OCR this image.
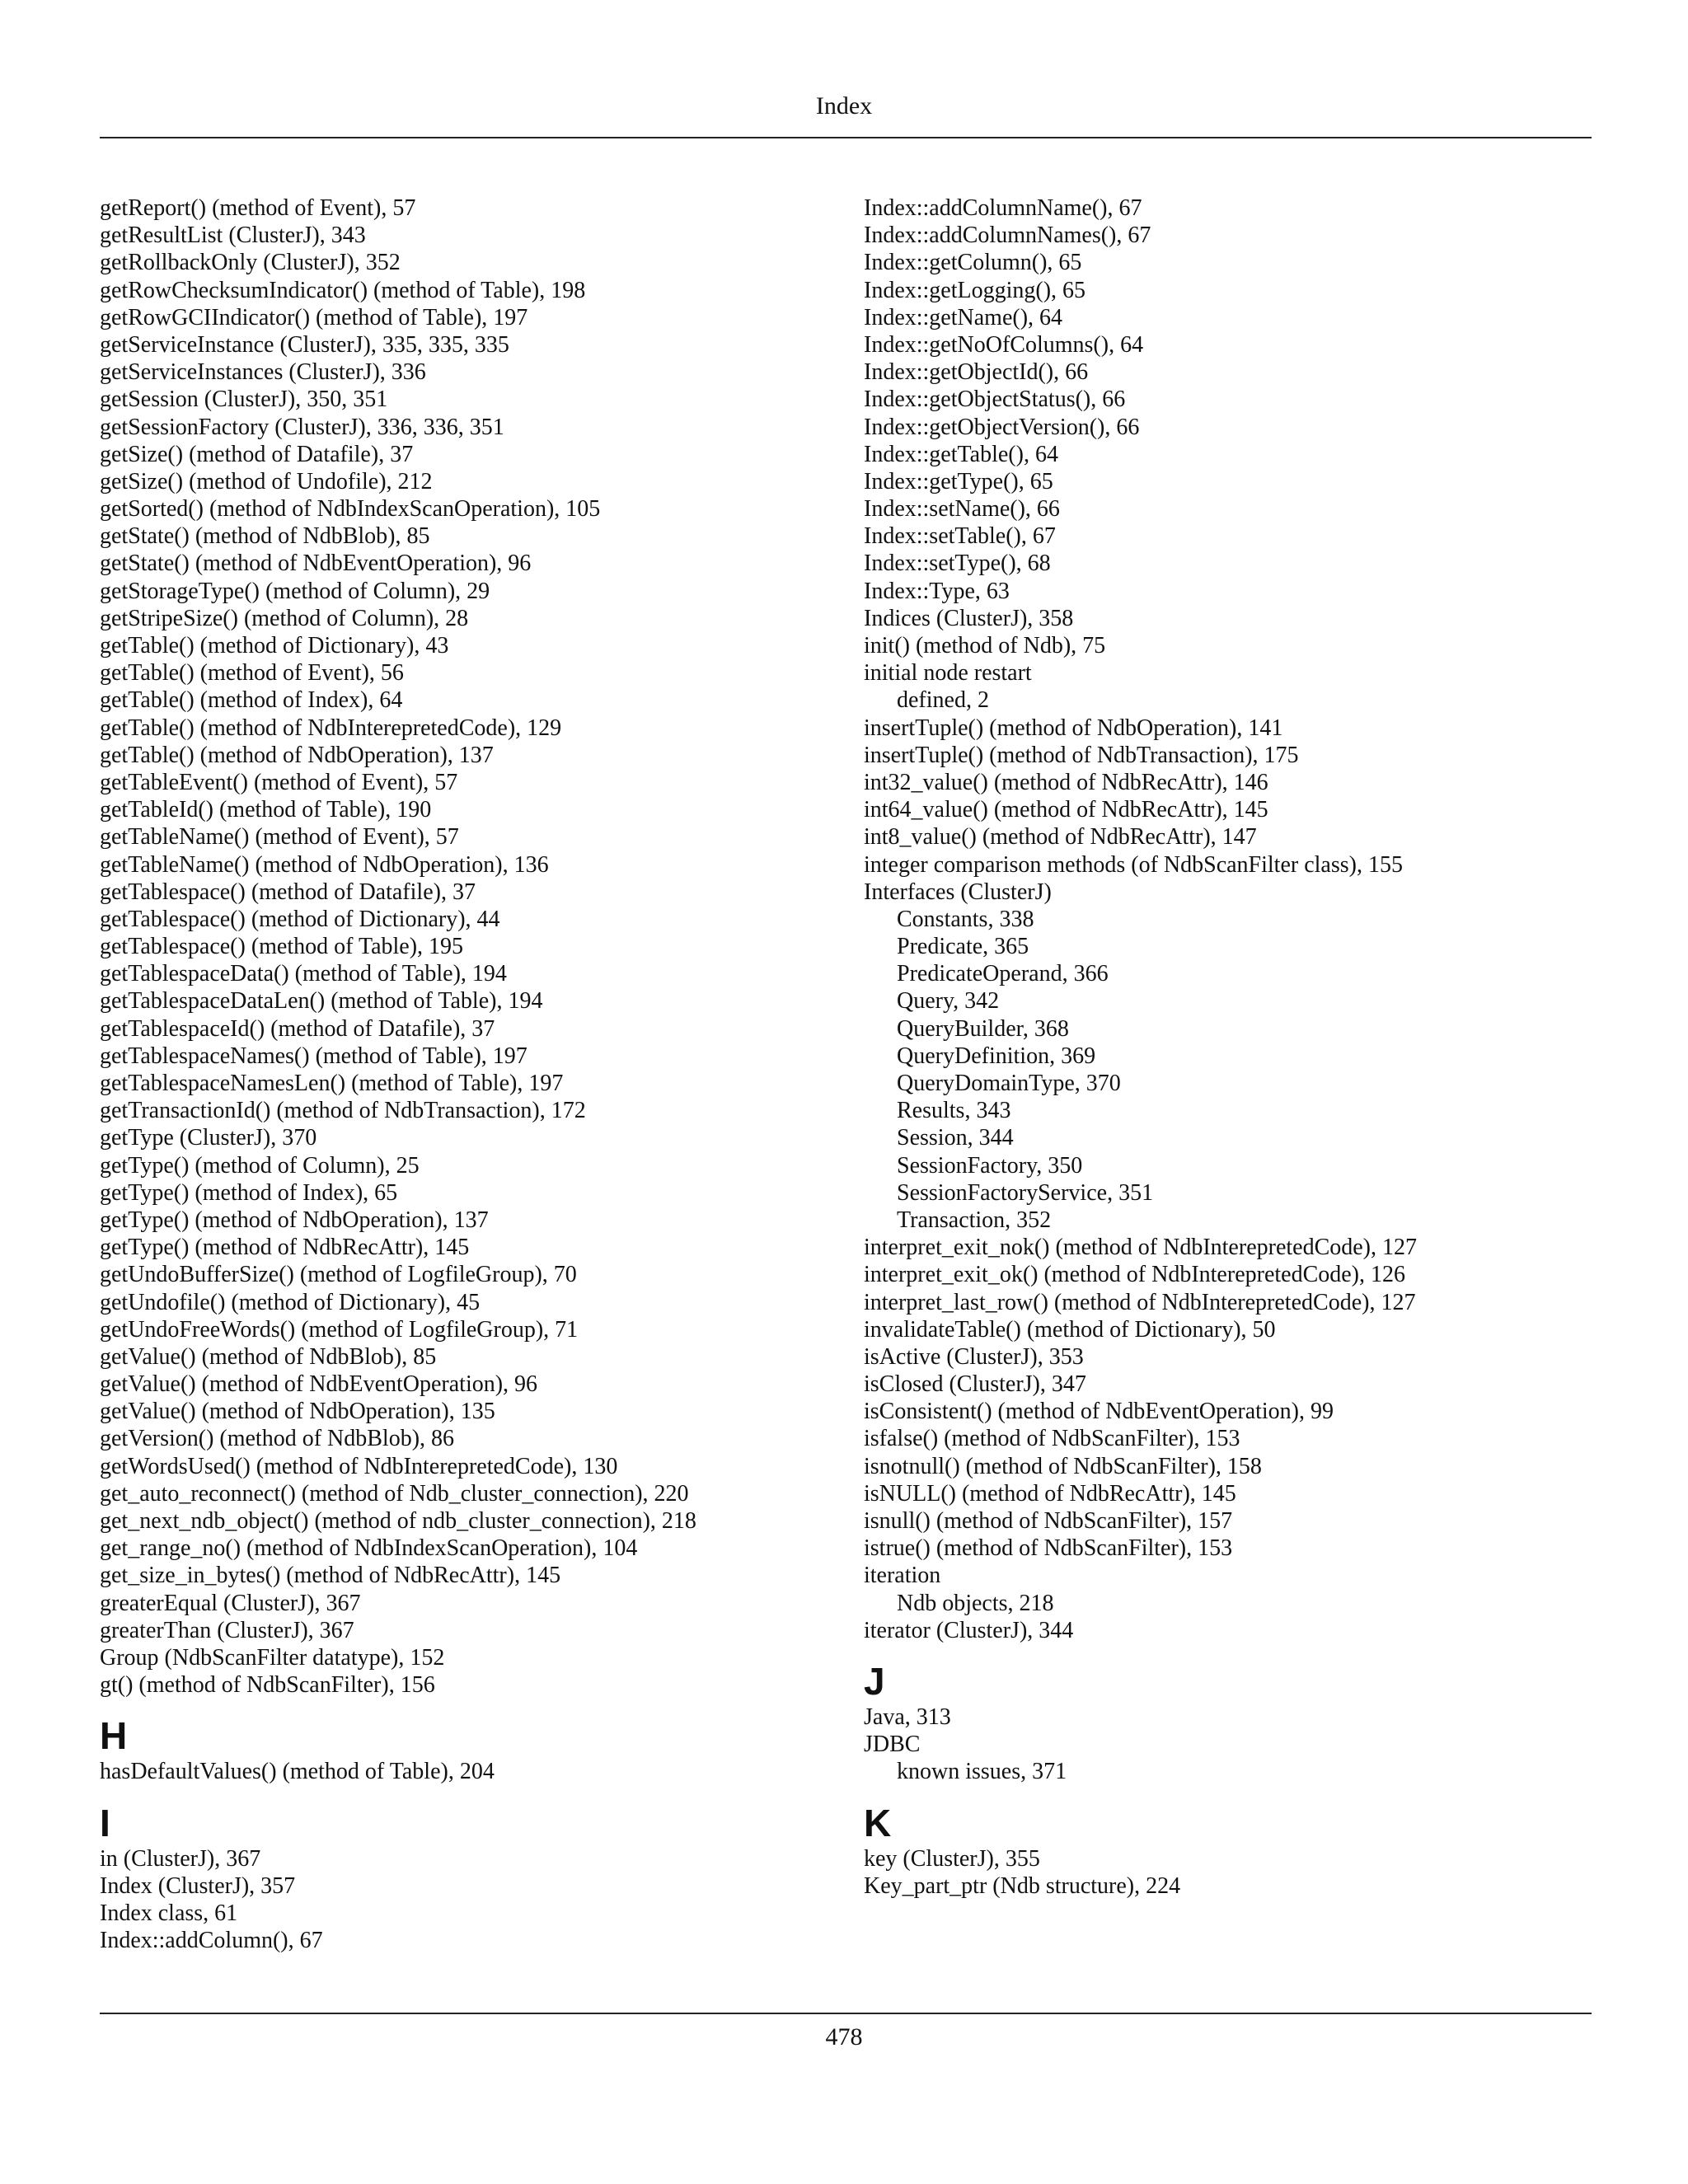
Index
getReport() (method of Event), 57
getResultList (ClusterJ), 343
getRollbackOnly (ClusterJ), 352
getRowChecksumIndicator() (method of Table), 198
getRowGCIIndicator() (method of Table), 197
getServiceInstance (ClusterJ), 335, 335, 335
getServiceInstances (ClusterJ), 336
getSession (ClusterJ), 350, 351
getSessionFactory (ClusterJ), 336, 336, 351
getSize() (method of Datafile), 37
getSize() (method of Undofile), 212
getSorted() (method of NdbIndexScanOperation), 105
getState() (method of NdbBlob), 85
getState() (method of NdbEventOperation), 96
getStorageType() (method of Column), 29
getStripeSize() (method of Column), 28
getTable() (method of Dictionary), 43
getTable() (method of Event), 56
getTable() (method of Index), 64
getTable() (method of NdbInterepretedCode), 129
getTable() (method of NdbOperation), 137
getTableEvent() (method of Event), 57
getTableId() (method of Table), 190
getTableName() (method of Event), 57
getTableName() (method of NdbOperation), 136
getTablespace() (method of Datafile), 37
getTablespace() (method of Dictionary), 44
getTablespace() (method of Table), 195
getTablespaceData() (method of Table), 194
getTablespaceDataLen() (method of Table), 194
getTablespaceId() (method of Datafile), 37
getTablespaceNames() (method of Table), 197
getTablespaceNamesLen() (method of Table), 197
getTransactionId() (method of NdbTransaction), 172
getType (ClusterJ), 370
getType() (method of Column), 25
getType() (method of Index), 65
getType() (method of NdbOperation), 137
getType() (method of NdbRecAttr), 145
getUndoBufferSize() (method of LogfileGroup), 70
getUndofile() (method of Dictionary), 45
getUndoFreeWords() (method of LogfileGroup), 71
getValue() (method of NdbBlob), 85
getValue() (method of NdbEventOperation), 96
getValue() (method of NdbOperation), 135
getVersion() (method of NdbBlob), 86
getWordsUsed() (method of NdbInterepretedCode), 130
get_auto_reconnect() (method of Ndb_cluster_connection), 220
get_next_ndb_object() (method of ndb_cluster_connection), 218
get_range_no() (method of NdbIndexScanOperation), 104
get_size_in_bytes() (method of NdbRecAttr), 145
greaterEqual (ClusterJ), 367
greaterThan (ClusterJ), 367
Group (NdbScanFilter datatype), 152
gt() (method of NdbScanFilter), 156
H
hasDefaultValues() (method of Table), 204
I
in (ClusterJ), 367
Index (ClusterJ), 357
Index class, 61
Index::addColumn(), 67
Index::addColumnName(), 67
Index::addColumnNames(), 67
Index::getColumn(), 65
Index::getLogging(), 65
Index::getName(), 64
Index::getNoOfColumns(), 64
Index::getObjectId(), 66
Index::getObjectStatus(), 66
Index::getObjectVersion(), 66
Index::getTable(), 64
Index::getType(), 65
Index::setName(), 66
Index::setTable(), 67
Index::setType(), 68
Index::Type, 63
Indices (ClusterJ), 358
init() (method of Ndb), 75
initial node restart
defined, 2
insertTuple() (method of NdbOperation), 141
insertTuple() (method of NdbTransaction), 175
int32_value() (method of NdbRecAttr), 146
int64_value() (method of NdbRecAttr), 145
int8_value() (method of NdbRecAttr), 147
integer comparison methods (of NdbScanFilter class), 155
Interfaces (ClusterJ)
Constants, 338
Predicate, 365
PredicateOperand, 366
Query, 342
QueryBuilder, 368
QueryDefinition, 369
QueryDomainType, 370
Results, 343
Session, 344
SessionFactory, 350
SessionFactoryService, 351
Transaction, 352
interpret_exit_nok() (method of NdbInterepretedCode), 127
interpret_exit_ok() (method of NdbInterepretedCode), 126
interpret_last_row() (method of NdbInterepretedCode), 127
invalidateTable() (method of Dictionary), 50
isActive (ClusterJ), 353
isClosed (ClusterJ), 347
isConsistent() (method of NdbEventOperation), 99
isfalse() (method of NdbScanFilter), 153
isnotnull() (method of NdbScanFilter), 158
isNULL() (method of NdbRecAttr), 145
isnull() (method of NdbScanFilter), 157
istrue() (method of NdbScanFilter), 153
iteration
Ndb objects, 218
iterator (ClusterJ), 344
J
Java, 313
JDBC
known issues, 371
K
key (ClusterJ), 355
Key_part_ptr (Ndb structure), 224
478
